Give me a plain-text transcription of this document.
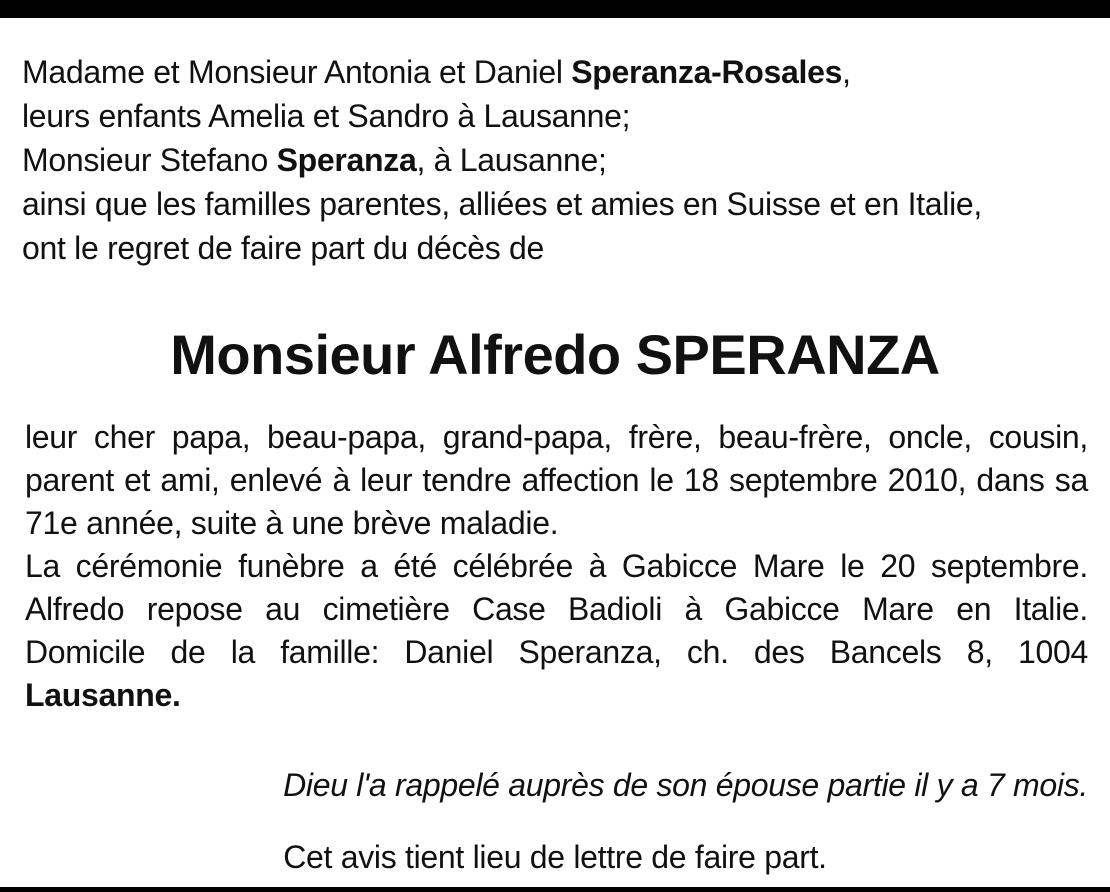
Madame et Monsieur Antonia et Daniel Speranza-Rosales,

leurs enfants Amelia et Sandro à Lausanne;

Monsieur Stefano Speranza, à Lausanne;

ainsi que les familles parentes, alliées et amies en Suisse et en Italie,

ont le regret de faire part du décès de

Monsieur Alfredo SPERANZA

leur cher papa, beau-papa, grand-papa, frère, beau-frère, oncle, cousin, parent et ami, enlevé à leur tendre affection le 18 septembre 2010, dans sa 71e année, suite à une brève maladie.

La cérémonie funèbre a été célébrée à Gabicce Mare le 20 septembre.

Alfredo repose au cimetière Case Badioli à Gabicce Mare en Italie.

Domicile de la famille: Daniel Speranza, ch. des Bancels 8, 1004

Lausanne.

Dieu l'a rappelé auprès de son épouse partie il y a 7 mois.
Cet avis tient lieu de lettre de faire part.
